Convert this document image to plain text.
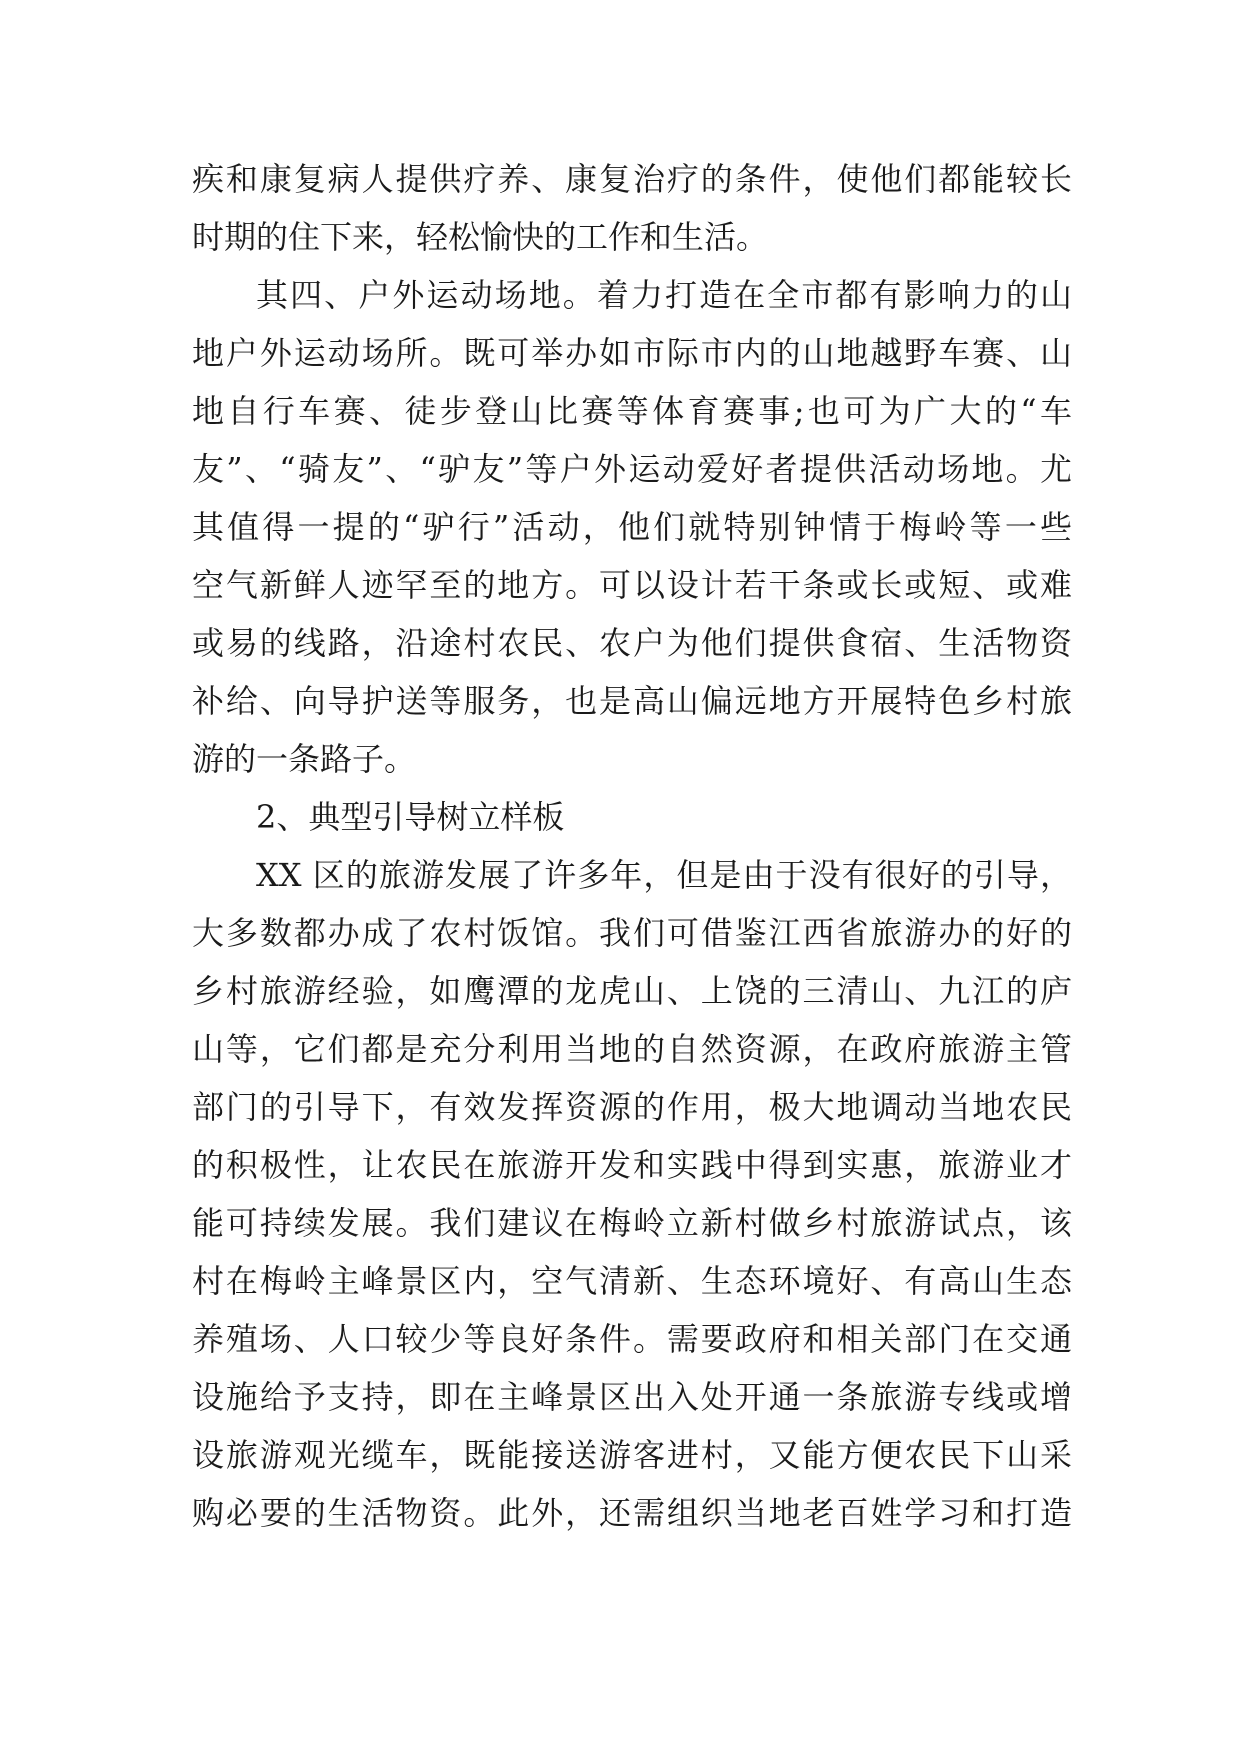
疾和康复病人提供疗养、康复治疗的条件，使他们都能较长
时期的住下来，轻松愉快的工作和生活。
其四、户外运动场地。着力打造在全市都有影响力的山
地户外运动场所。既可举办如市际市内的山地越野车赛、山
地自行车赛、徒步登山比赛等体育赛事;也可为广大的“车
友”、“骑友”、“驴友”等户外运动爱好者提供活动场地。尤
其值得一提的“驴行”活动，他们就特别钟情于梅岭等一些
空气新鲜人迹罕至的地方。可以设计若干条或长或短、或难
或易的线路，沿途村农民、农户为他们提供食宿、生活物资
补给、向导护送等服务，也是高山偏远地方开展特色乡村旅
游的一条路子。
2、典型引导树立样板
XX 区的旅游发展了许多年，但是由于没有很好的引导，
大多数都办成了农村饭馆。我们可借鉴江西省旅游办的好的
乡村旅游经验，如鹰潭的龙虎山、上饶的三清山、九江的庐
山等，它们都是充分利用当地的自然资源，在政府旅游主管
部门的引导下，有效发挥资源的作用，极大地调动当地农民
的积极性，让农民在旅游开发和实践中得到实惠，旅游业才
能可持续发展。我们建议在梅岭立新村做乡村旅游试点，该
村在梅岭主峰景区内，空气清新、生态环境好、有高山生态
养殖场、人口较少等良好条件。需要政府和相关部门在交通
设施给予支持，即在主峰景区出入处开通一条旅游专线或增
设旅游观光缆车，既能接送游客进村，又能方便农民下山采
购必要的生活物资。此外，还需组织当地老百姓学习和打造
